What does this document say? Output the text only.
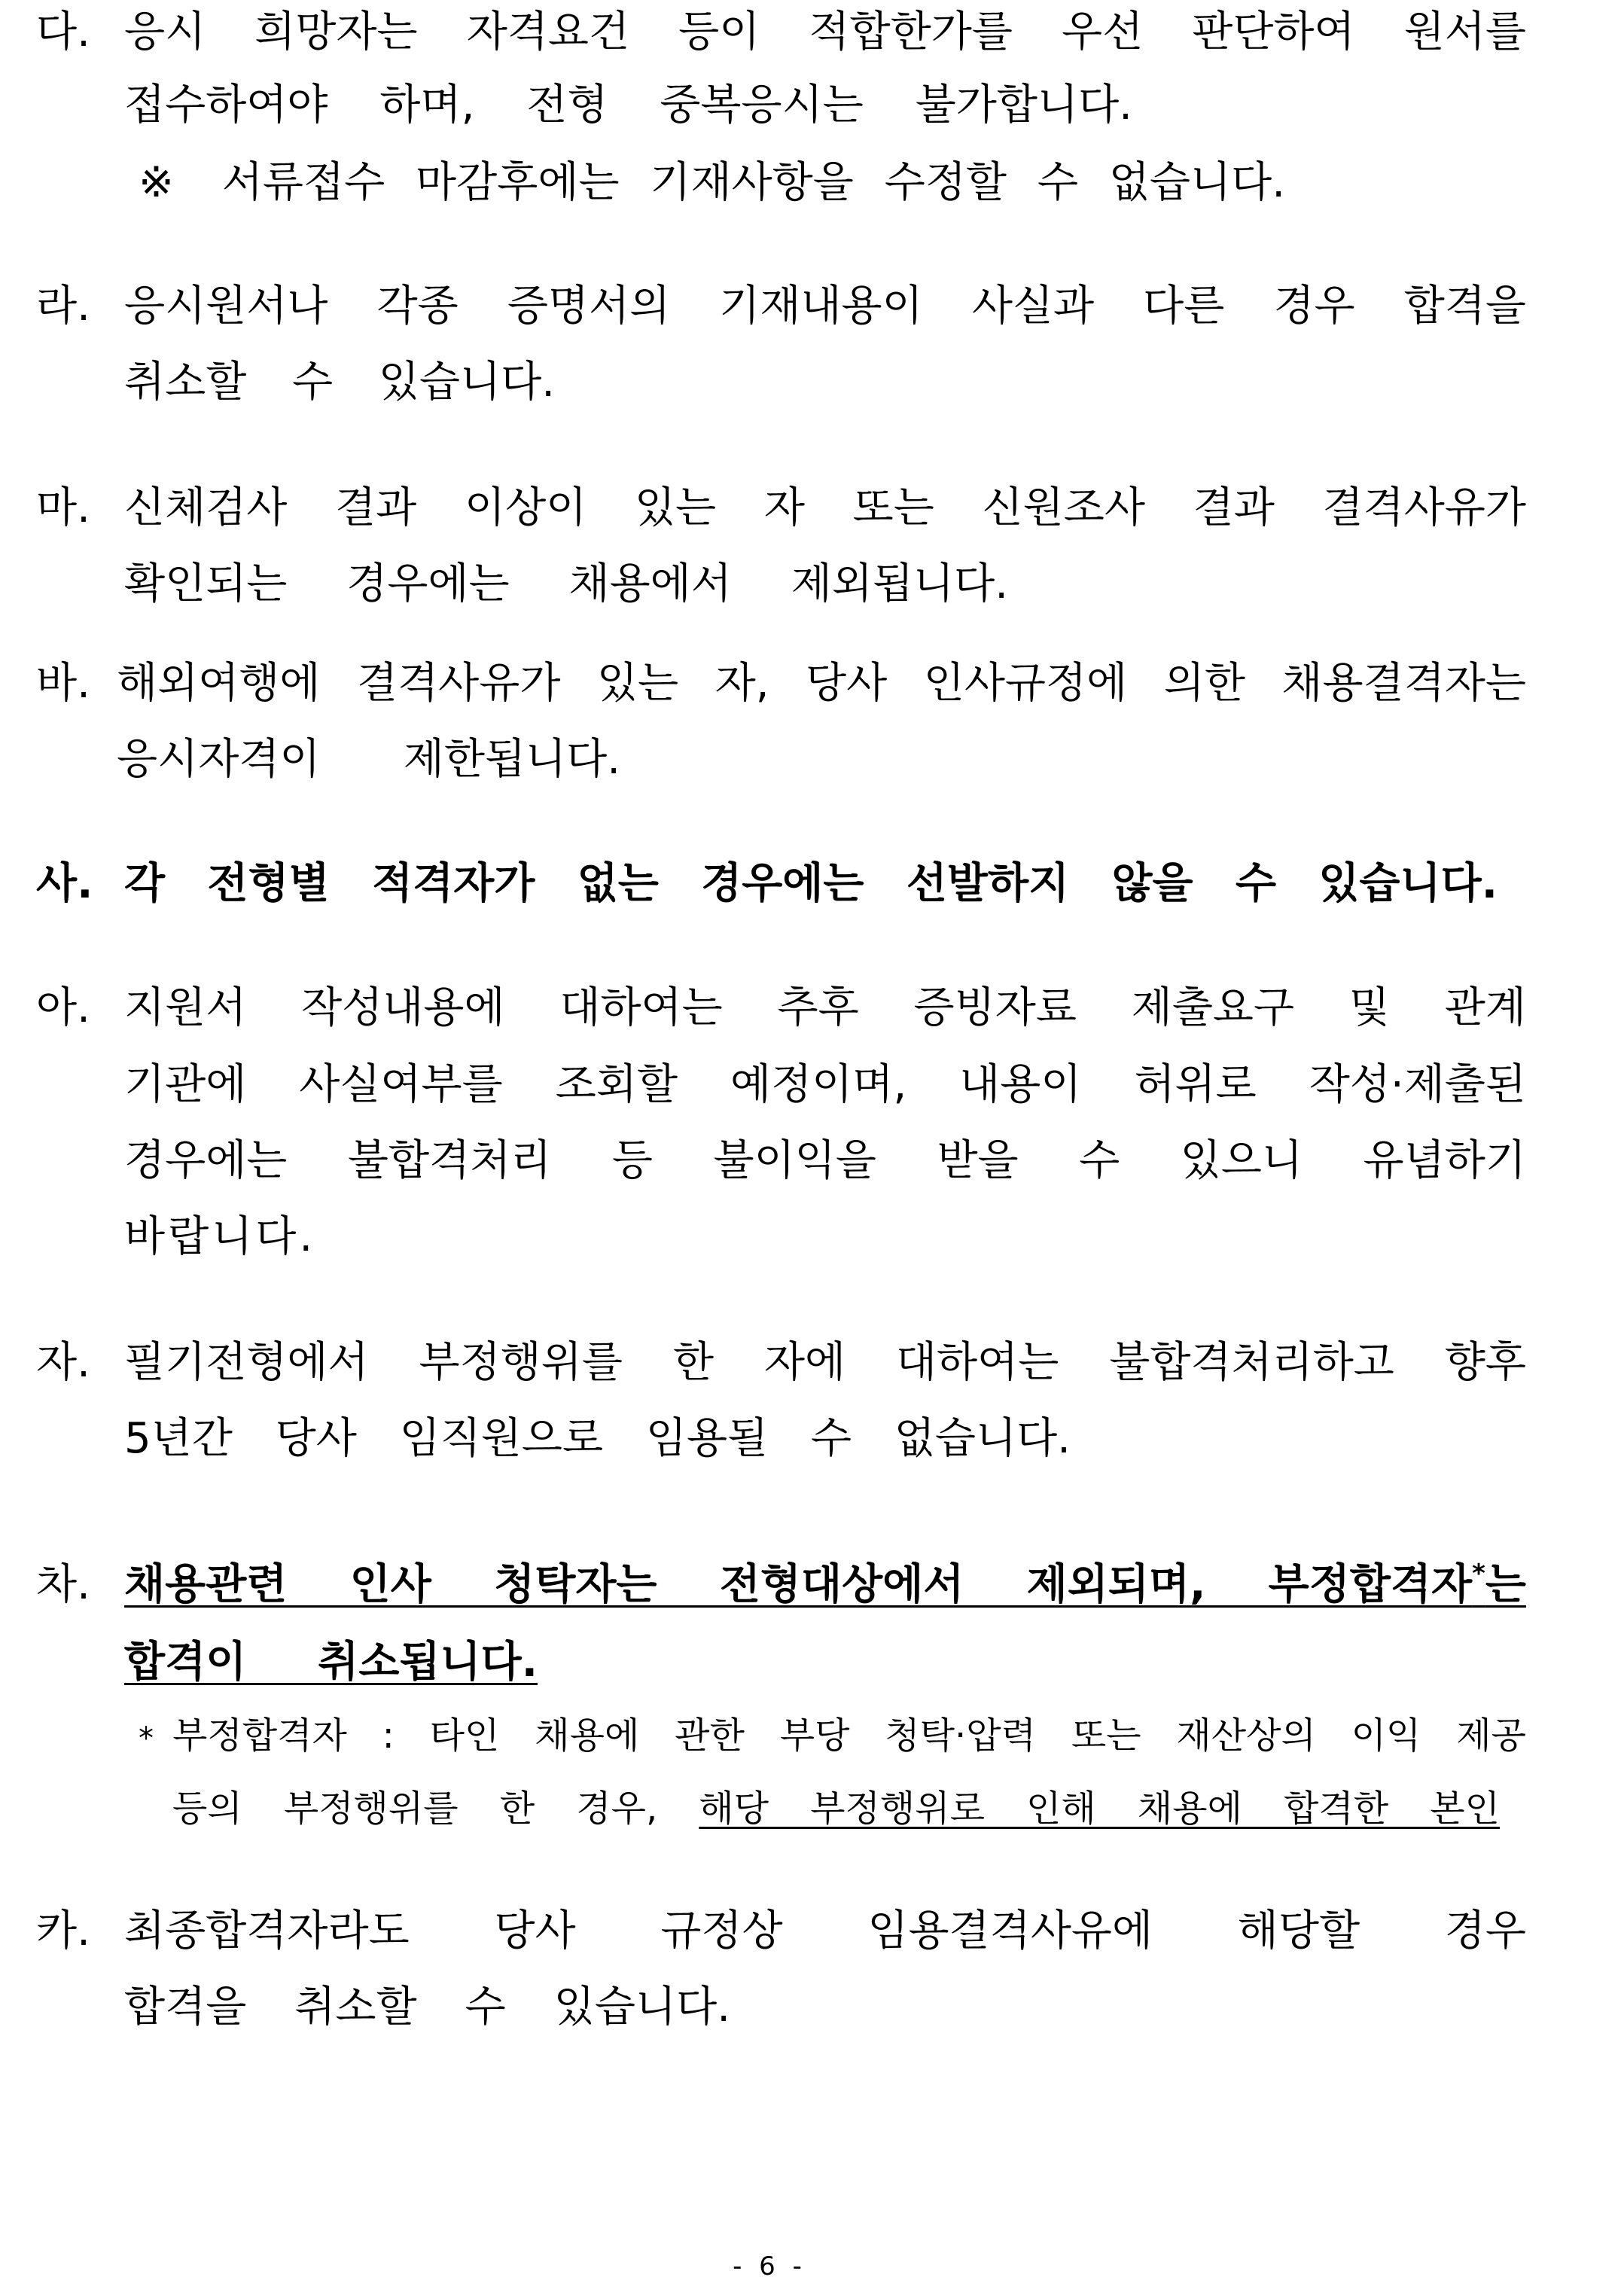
다. 응시 희망자는 자격요건 등이 적합한가를 우선 판단하여 원서를
접수하여야 하며, 전형 중복응시는 불가합니다.
※ 서류접수 마감후에는 기재사항을 수정할 수 없습니다.
라. 응시원서나 각종 증명서의 기재내용이 사실과 다른 경우 합격을
취소할 수 있습니다.
마. 신체검사 결과 이상이 있는 자 또는 신원조사 결과 결격사유가
확인되는 경우에는 채용에서 제외됩니다.
바. 해외여행에 결격사유가 있는 자, 당사 인사규정에 의한 채용결격자는
응시자격이 제한됩니다.
사. 각 전형별 적격자가 없는 경우에는 선발하지 않을 수 있습니다.
아. 지원서 작성내용에 대하여는 추후 증빙자료 제출요구 및 관계
기관에 사실여부를 조회할 예정이며, 내용이 허위로 작성·제출된
경우에는 불합격처리 등 불이익을 받을 수 있으니 유념하기
바랍니다.
자. 필기전형에서 부정행위를 한 자에 대하여는 불합격처리하고 향후
5년간 당사 임직원으로 임용될 수 없습니다.
차. 채용관련 인사 청탁자는 전형대상에서 제외되며, 부정합격자*는
합격이 취소됩니다.
* 부정합격자 : 타인 채용에 관한 부당 청탁·압력 또는 재산상의 이익 제공
등의 부정행위를 한 경우, 해당 부정행위로 인해 채용에 합격한 본인
카. 최종합격자라도 당사 규정상 임용결격사유에 해당할 경우
합격을 취소할 수 있습니다.
- 6 -
